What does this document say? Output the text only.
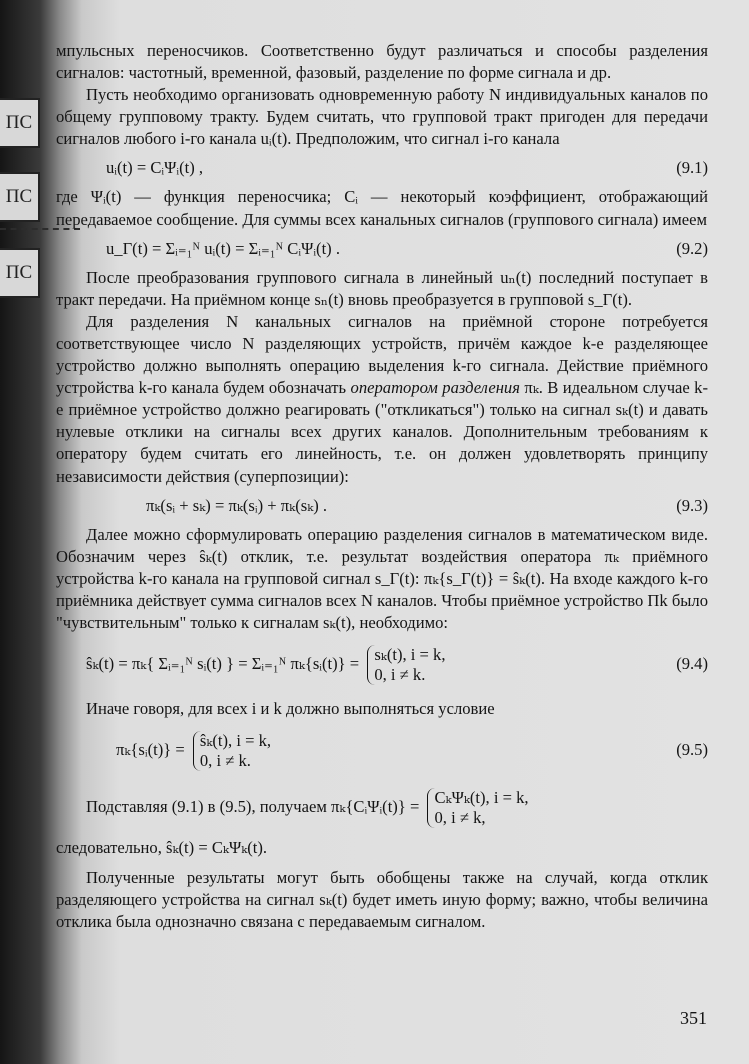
ПС
ПС
ПС

мпульсных переносчиков. Соответственно будут различаться и способы разделения сигналов: частотный, временной, фазовый, разделение по форме сигнала и др.

Пусть необходимо организовать одновременную работу N индивидуальных каналов по общему групповому тракту. Будем считать, что групповой тракт пригоден для передачи сигналов любого i-го канала uᵢ(t). Предположим, что сигнал i-го канала

uᵢ(t) = CᵢΨᵢ(t) ,	(9.1)

где Ψᵢ(t) — функция переносчика; Cᵢ — некоторый коэффициент, отображающий передаваемое сообщение. Для суммы всех канальных сигналов (группового сигнала) имеем

u_Г(t) = Σᵢ₌₁ᴺ uᵢ(t) = Σᵢ₌₁ᴺ CᵢΨᵢ(t) .	(9.2)

После преобразования группового сигнала в линейный uₙ(t) последний поступает в тракт передачи. На приёмном конце sₙ(t) вновь преобразуется в групповой s_Г(t).

Для разделения N канальных сигналов на приёмной стороне потребуется соответствующее число N разделяющих устройств, причём каждое k-е разделяющее устройство должно выполнять операцию выделения k-го сигнала. Действие приёмного устройства k-го канала будем обозначать оператором разделения πₖ. В идеальном случае k-е приёмное устройство должно реагировать ("откликаться") только на сигнал sₖ(t) и давать нулевые отклики на сигналы всех других каналов. Дополнительным требованиям к оператору будем считать его линейность, т.е. он должен удовлетворять принципу независимости действия (суперпозиции):

πₖ(sᵢ + sₖ) = πₖ(sᵢ) + πₖ(sₖ) .	(9.3)

Далее можно сформулировать операцию разделения сигналов в математическом виде. Обозначим через ŝₖ(t) отклик, т.е. результат воздействия оператора πₖ приёмного устройства k-го канала на групповой сигнал s_Г(t): πₖ{s_Г(t)} = ŝₖ(t). На входе каждого k-го приёмника действует сумма сигналов всех N каналов. Чтобы приёмное устройство Пk было "чувствительным" только к сигналам sₖ(t), необходимо:

ŝₖ(t) = πₖ{ Σᵢ₌₁ᴺ sᵢ(t) } = Σᵢ₌₁ᴺ πₖ{sᵢ(t)} = sₖ(t), i = k,
0, i ≠ k.
(9.4)

Иначе говоря, для всех i и k должно выполняться условие

πₖ{sᵢ(t)} = ŝₖ(t), i = k,
0, i ≠ k.
(9.5)
Подставляя (9.1) в (9.5), получаем πₖ{CᵢΨᵢ(t)} = CₖΨₖ(t), i = k,
0, i ≠ k,

следовательно, ŝₖ(t) = CₖΨₖ(t).

Полученные результаты могут быть обобщены также на случай, когда отклик разделяющего устройства на сигнал sₖ(t) будет иметь иную форму; важно, чтобы величина отклика была однозначно связана с передаваемым сигналом.

351
